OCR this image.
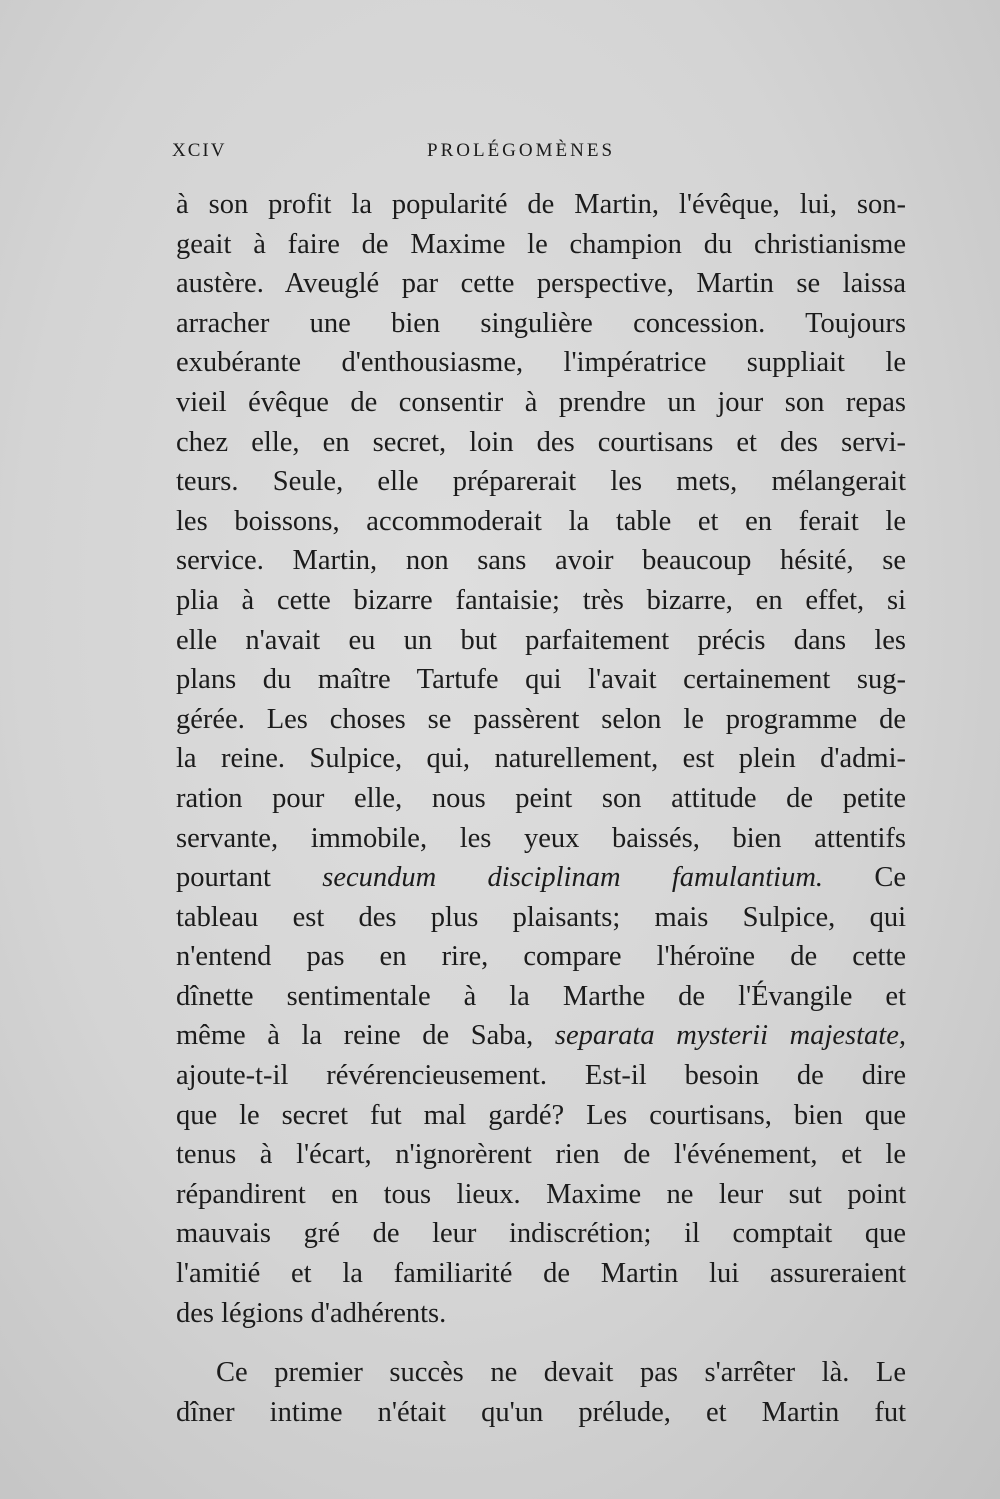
XCIV	PROLÉGOMÈNES
à son profit la popularité de Martin, l'évêque, lui, son-
geait à faire de Maxime le champion du christianisme
austère. Aveuglé par cette perspective, Martin se laissa
arracher une bien singulière concession. Toujours
exubérante d'enthousiasme, l'impératrice suppliait le
vieil évêque de consentir à prendre un jour son repas
chez elle, en secret, loin des courtisans et des servi-
teurs. Seule, elle préparerait les mets, mélangerait
les boissons, accommoderait la table et en ferait le
service. Martin, non sans avoir beaucoup hésité, se
plia à cette bizarre fantaisie; très bizarre, en effet, si
elle n'avait eu un but parfaitement précis dans les
plans du maître Tartufe qui l'avait certainement sug-
gérée. Les choses se passèrent selon le programme de
la reine. Sulpice, qui, naturellement, est plein d'admi-
ration pour elle, nous peint son attitude de petite
servante, immobile, les yeux baissés, bien attentifs
pourtant secundum disciplinam famulantium. Ce
tableau est des plus plaisants; mais Sulpice, qui
n'entend pas en rire, compare l'héroïne de cette
dînette sentimentale à la Marthe de l'Évangile et
même à la reine de Saba, separata mysterii majestate,
ajoute-t-il révérencieusement. Est-il besoin de dire
que le secret fut mal gardé? Les courtisans, bien que
tenus à l'écart, n'ignorèrent rien de l'événement, et le
répandirent en tous lieux. Maxime ne leur sut point
mauvais gré de leur indiscrétion; il comptait que
l'amitié et la familiarité de Martin lui assureraient
des légions d'adhérents.
Ce premier succès ne devait pas s'arrêter là. Le
dîner intime n'était qu'un prélude, et Martin fut
